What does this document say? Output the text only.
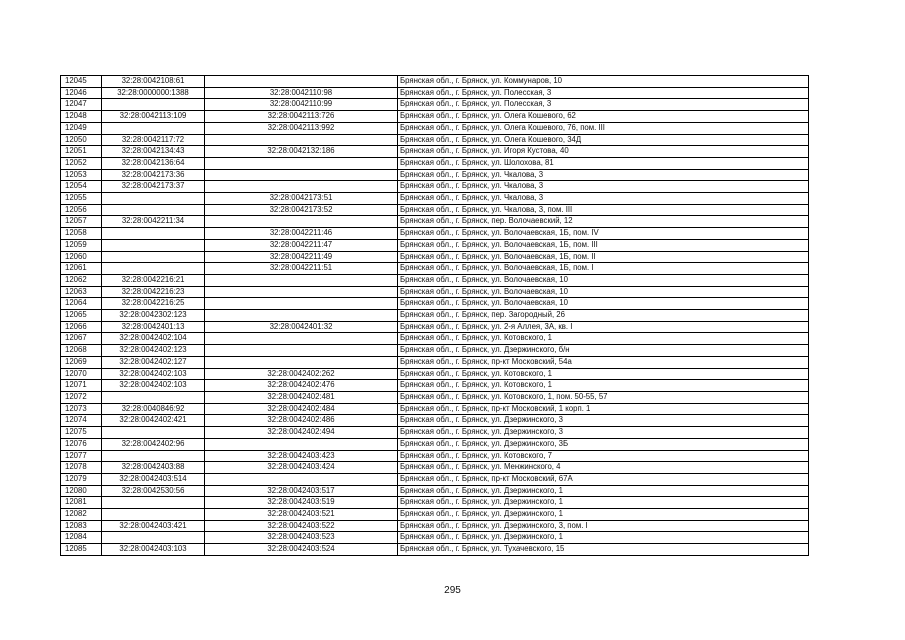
12045	32:28:0042108:61		Брянская обл., г. Брянск, ул. Коммунаров, 10
12046	32:28:0000000:1388	32:28:0042110:98	Брянская обл., г. Брянск, ул. Полесская, 3
12047		32:28:0042110:99	Брянская обл., г. Брянск, ул. Полесская, 3
12048	32:28:0042113:109	32:28:0042113:726	Брянская обл., г. Брянск, ул. Олега Кошевого, 62
12049		32:28:0042113:992	Брянская обл., г. Брянск, ул. Олега Кошевого, 76, пом. III
12050	32:28:0042117:72		Брянская обл., г. Брянск, ул. Олега Кошевого, 34Д
12051	32:28:0042134:43	32:28:0042132:186	Брянская обл., г. Брянск, ул. Игоря Кустова, 40
12052	32:28:0042136:64		Брянская обл., г. Брянск, ул. Шолохова, 81
12053	32:28:0042173:36		Брянская обл., г. Брянск, ул. Чкалова, 3
12054	32:28:0042173:37		Брянская обл., г. Брянск, ул. Чкалова, 3
12055		32:28:0042173:51	Брянская обл., г. Брянск, ул. Чкалова, 3
12056		32:28:0042173:52	Брянская обл., г. Брянск, ул. Чкалова, 3, пом. III
12057	32:28:0042211:34		Брянская обл., г. Брянск, пер. Волочаевский, 12
12058		32:28:0042211:46	Брянская обл., г. Брянск, ул. Волочаевская, 1Б, пом. IV
12059		32:28:0042211:47	Брянская обл., г. Брянск, ул. Волочаевская, 1Б, пом. III
12060		32:28:0042211:49	Брянская обл., г. Брянск, ул. Волочаевская, 1Б, пом. II
12061		32:28:0042211:51	Брянская обл., г. Брянск, ул. Волочаевская, 1Б, пом. I
12062	32:28:0042216:21		Брянская обл., г. Брянск, ул. Волочаевская, 10
12063	32:28:0042216:23		Брянская обл., г. Брянск, ул. Волочаевская, 10
12064	32:28:0042216:25		Брянская обл., г. Брянск, ул. Волочаевская, 10
12065	32:28:0042302:123		Брянская обл., г. Брянск, пер. Загородный, 26
12066	32:28:0042401:13	32:28:0042401:32	Брянская обл., г. Брянск, ул. 2-я Аллея, 3А, кв. I
12067	32:28:0042402:104		Брянская обл., г. Брянск, ул. Котовского, 1
12068	32:28:0042402:123		Брянская обл., г. Брянск, ул. Дзержинского, б/н
12069	32:28:0042402:127		Брянская обл., г. Брянск, пр-кт Московский, 54а
12070	32:28:0042402:103	32:28:0042402:262	Брянская обл., г. Брянск, ул. Котовского, 1
12071	32:28:0042402:103	32:28:0042402:476	Брянская обл., г. Брянск, ул. Котовского, 1
12072		32:28:0042402:481	Брянская обл., г. Брянск, ул. Котовского, 1, пом. 50-55, 57
12073	32:28:0040846:92	32:28:0042402:484	Брянская обл., г. Брянск, пр-кт Московский, 1 корп. 1
12074	32:28:0042402:421	32:28:0042402:486	Брянская обл., г. Брянск, ул. Дзержинского, 3
12075		32:28:0042402:494	Брянская обл., г. Брянск, ул. Дзержинского, 3
12076	32:28:0042402:96		Брянская обл., г. Брянск, ул. Дзержинского, 3Б
12077		32:28:0042403:423	Брянская обл., г. Брянск, ул. Котовского, 7
12078	32:28:0042403:88	32:28:0042403:424	Брянская обл., г. Брянск, ул. Менжинского, 4
12079	32:28:0042403:514		Брянская обл., г. Брянск, пр-кт Московский, 67А
12080	32:28:0042530:56	32:28:0042403:517	Брянская обл., г. Брянск, ул. Дзержинского, 1
12081		32:28:0042403:519	Брянская обл., г. Брянск, ул. Дзержинского, 1
12082		32:28:0042403:521	Брянская обл., г. Брянск, ул. Дзержинского, 1
12083	32:28:0042403:421	32:28:0042403:522	Брянская обл., г. Брянск, ул. Дзержинского, 3, пом. I
12084		32:28:0042403:523	Брянская обл., г. Брянск, ул. Дзержинского, 1
12085	32:28:0042403:103	32:28:0042403:524	Брянская обл., г. Брянск, ул. Тухачевского, 15
295
